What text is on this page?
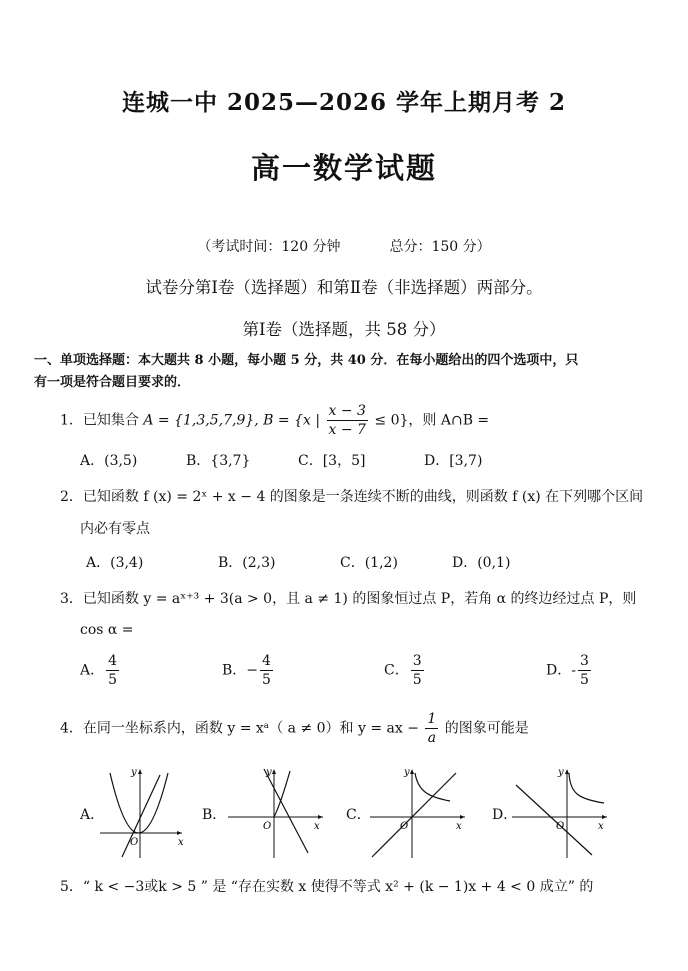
连城一中 2025—2026 学年上期月考 2
高一数学试题
（考试时间：120 分钟	总分：150 分）
试卷分第Ⅰ卷（选择题）和第Ⅱ卷（非选择题）两部分。
第Ⅰ卷（选择题，共 58 分）
一、单项选择题：本大题共 8 小题，每小题 5 分，共 40 分．在每小题给出的四个选项中，只
有一项是符合题目要求的．
1．已知集合 A = {1,3,5,7,9}, B = {x | $\frac{x - 3}{x - 7} \le 0$}，则 A∩B =
A．(3,5)	B．{3,7}	C．[3，5]	D．[3,7)
2．已知函数 f (x) = 2ˣ + x − 4 的图象是一条连续不断的曲线，则函数 f (x) 在下列哪个区间
内必有零点
A．(3,4)	B．(2,3)	C．(1,2)	D．(0,1)
3．已知函数 y = aˣ⁺³ + 3(a > 0，且 a ≠ 1) 的图象恒过点 P，若角 α 的终边经过点 P，则
cos α =
A． $\frac{4}{5}$	B．− $\frac{4}{5}$	C． $\frac{3}{5}$	D．- $\frac{3}{5}$
4．在同一坐标系内，函数 y = xᵃ（ a ≠ 0）和 y = ax − $\frac{1}{a}$ 的图象可能是
A．	B．	C．	D．
x
y
O
x
y
O	x
y
O	x
y
O
5．“ k < −3或k > 5 ” 是 “存在实数 x 使得不等式 x² + (k − 1)x + 4 < 0 成立” 的
